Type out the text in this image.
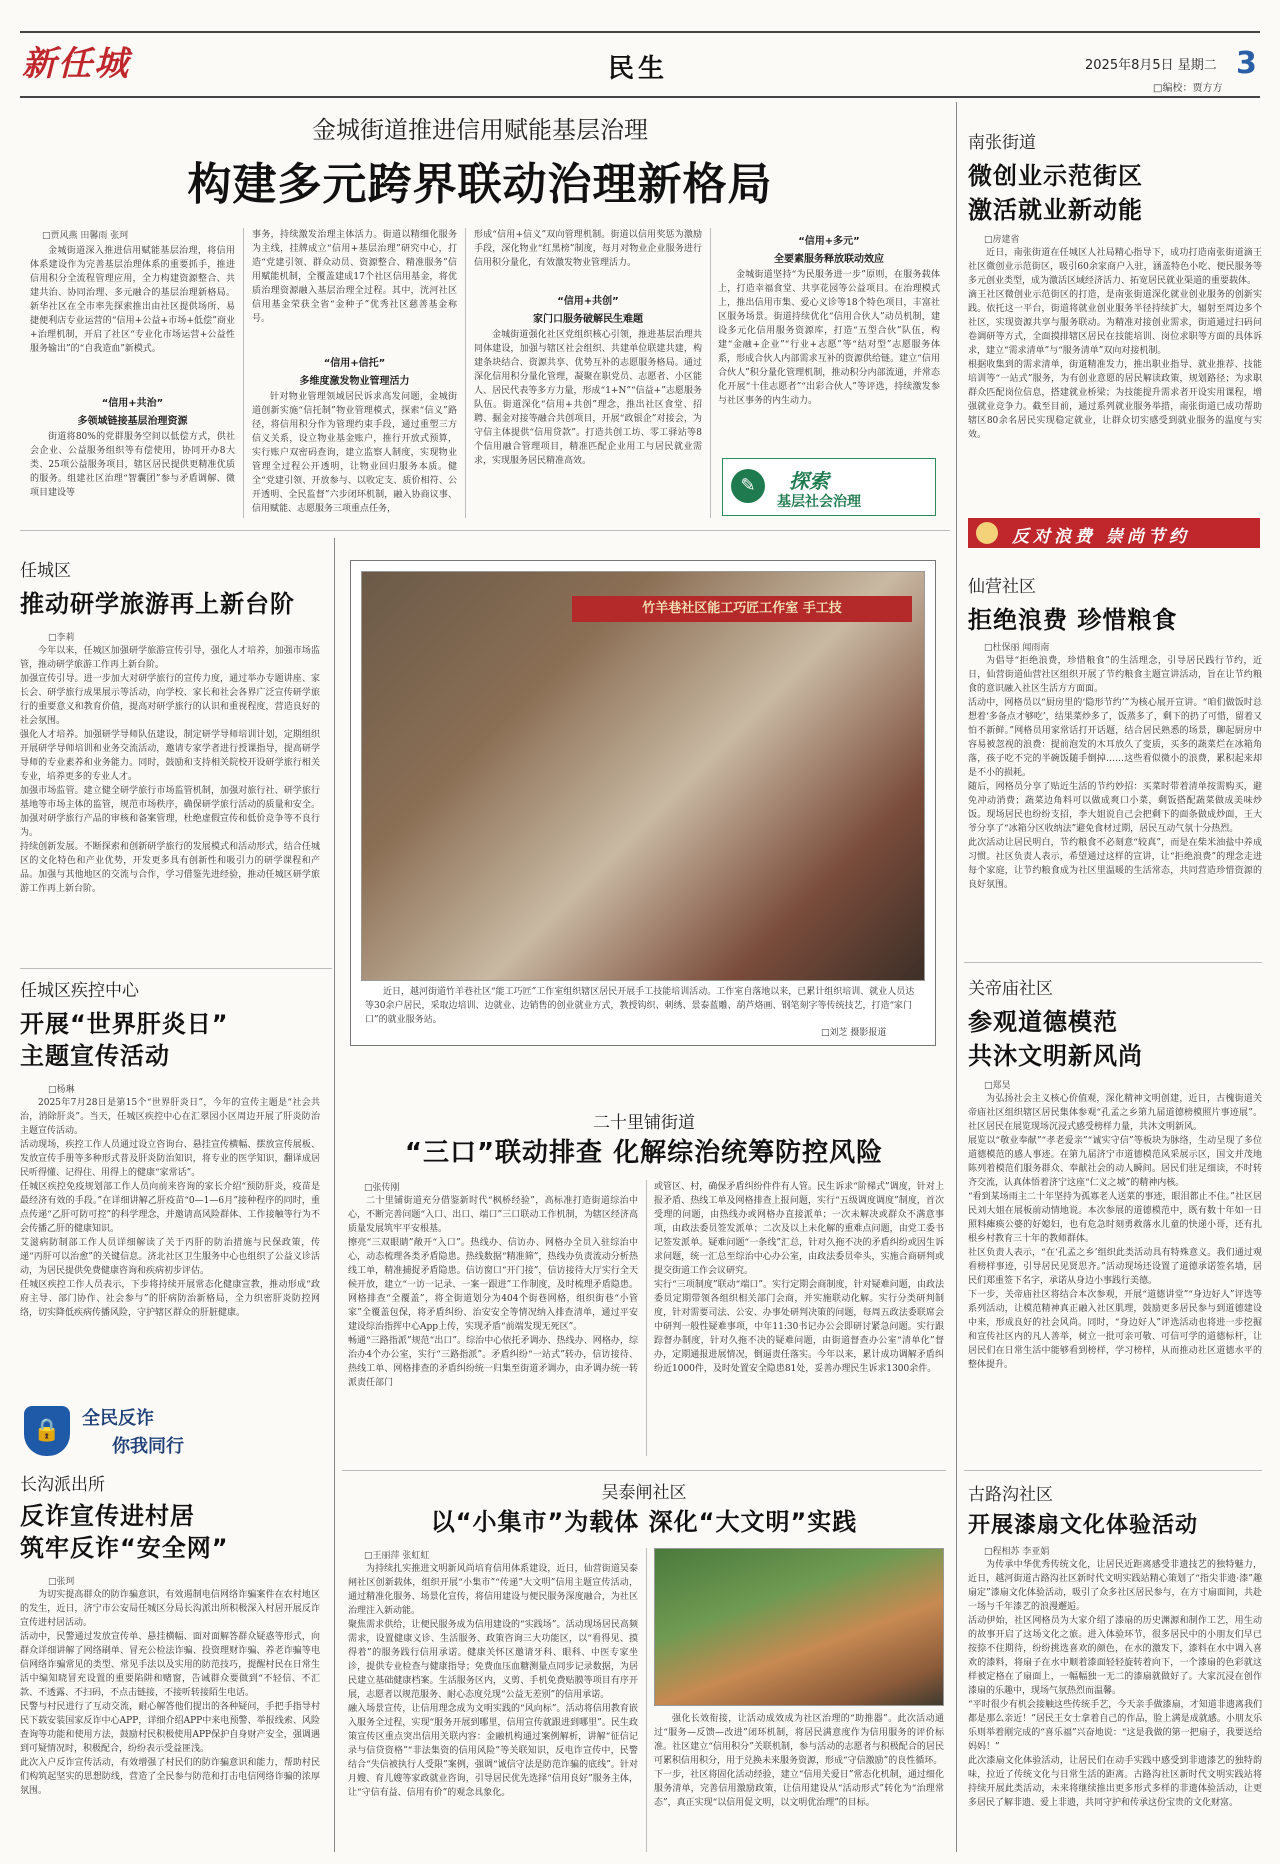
新任城	民生	2025年8月5日 星期二 3
□编校：贾方方
金城街道推进信用赋能基层治理
构建多元跨界联动治理新格局
□贾风燕 田馨雨 张珂
金城街道深入推进信用赋能基层治理，将信用体系建设作为完善基层治理体系的重要抓手，推进信用积分全流程管理应用，全力构建资源整合、共建共治、协同治理、多元融合的基层治理新格局。新华社区在全市率先探索推出由社区提供场所、易捷便利店专业运营的“信用+公益+市场+低偿”商业+治理机制，开启了社区“专业化市场运营+公益性服务输出”的“自我造血”新模式。
“信用+共治”
多领域链接基层治理资源
街道将80%的党群服务空间以低偿方式，供社会企业、公益服务组织等有偿使用，协同开办8大类、25项公益服务项目，辖区居民提供更精准优质的服务。组建社区治理“智囊团”参与矛盾调解、微项目建设等
事务，持续激发治理主体活力。街道以精细化服务为主线，挂牌成立“信用+基层治理”研究中心，打造“党建引领、群众动员、资源整合、精准服务”信用赋能机制，全覆盖建成17个社区信用基金，将优质治理资源融入基层治理全过程。其中，洸河社区信用基金荣获全省“金种子”优秀社区慈善基金称号。
“信用+信托”
多维度激发物业管理活力
针对物业管理领域居民诉求高发问题，金城街道创新实施“信托制”物业管理模式，探索“信义”路径，将信用积分作为管理约束手段，通过重塑三方信义关系，设立物业基金账户，推行开放式预算，实行账户双密码查询，建立监察人制度，实现物业管理全过程公开透明，让物业回归服务本质。健全“党建引领、开放参与、以收定支、质价相符、公开透明、全民监督”六步闭环机制，融入协商议事、信用赋能、志愿服务三项重点任务，
形成“信用+信义”双向管理机制。街道以信用奖惩为激励手段，深化物业“红黑榜”制度，每月对物业企业服务进行信用积分量化，有效激发物业管理活力。
“信用+共创”
家门口服务破解民生难题
金城街道强化社区党组织核心引领，推进基层治理共同体建设，加强与辖区社会组织、共建单位联建共建，构建条块结合、资源共享、优势互补的志愿服务格局。通过深化信用积分量化管理，凝聚在职党员、志愿者、小区能人、居民代表等多方力量，形成“1+N”“信益+”志愿服务队伍。街道深化“信用+共创”理念，推出社区食堂、招聘、掘金对接等融合共创项目，开展“政银企”对接会，为守信主体提供“信用贷款”。打造共创工坊、零工驿站等8个信用融合管理项目，精准匹配企业用工与居民就业需求，实现服务居民精准高效。
“信用+多元”
全要素服务释放联动效应
金城街道坚持“为民服务进一步”原则，在服务载体上，打造幸福食堂、共享花园等公益项目。在治理模式上，推出信用市集、爱心义诊等18个特色项目，丰富社区服务场景。街道持续优化“信用合伙人”动员机制，建设多元化信用服务资源库，打造“五型合伙”队伍，构建“金融+企业”“行业+志愿”等“结对型”志愿服务体系，形成合伙人内部需求互补的资源供给链。建立“信用合伙人”积分量化管理机制，推动积分内部流通，并常态化开展“十佳志愿者”“出彩合伙人”等评选，持续激发参与社区事务的内生动力。
✎	探索
基层社会治理
南张街道
微创业示范街区
激活就业新动能
□房建省
近日，南张街道在任城区人社局精心指导下，成功打造南张街道滴王社区微创业示范街区，吸引60余家商户入驻，涵盖特色小吃、便民服务等多元创业类型，成为激活区域经济活力、拓宽居民就业渠道的重要载体。
滴王社区微创业示范街区的打造，是南张街道深化就业创业服务的创新实践。依托这一平台，街道将就业创业服务半径持续扩大，辐射至周边多个社区，实现资源共享与服务联动。为精准对接创业需求，街道通过扫码问卷调研等方式，全面摸排辖区居民在技能培训、岗位求职等方面的具体诉求，建立“需求清单”与“服务清单”双向对接机制。
根据收集到的需求清单，街道精准发力，推出职业指导、就业推荐、技能培训等“一站式”服务，为有创业意愿的居民解读政策，规划路径；为求职群众匹配岗位信息，搭建就业桥梁；为技能提升需求者开设实用课程，增强就业竞争力。截至目前，通过系列就业服务举措，南张街道已成功帮助辖区80余名居民实现稳定就业，让群众切实感受到就业服务的温度与实效。
反对浪费 崇尚节约
仙营社区
拒绝浪费 珍惜粮食
□杜保丽 闻雨南
为倡导“拒绝浪费，珍惜粮食”的生活理念，引导居民践行节约，近日，仙营街道仙营社区组织开展了节约粮食主题宣讲活动，旨在让节约粮食的意识融入社区生活方方面面。
活动中，网格员以“厨房里的‘隐形节约’”为核心展开宣讲。“咱们做饭时总想着‘多备点才够吃’，结果菜炒多了，饭蒸多了，剩下的扔了可惜，留着又怕不新鲜。”网格员用家常话打开话题，结合居民熟悉的场景，聊起厨房中容易被忽视的浪费：提前泡发的木耳放久了变质，买多的蔬菜烂在冰箱角落，孩子吃不完的半碗饭随手倒掉……这些看似微小的浪费，累积起来却是不小的损耗。
随后，网格员分享了贴近生活的节约妙招：买菜时带着清单按需购买，避免冲动消费；蔬菜边角料可以做成爽口小菜，剩饭搭配蔬菜做成美味炒饭。现场居民也纷纷支招，李大姐说自己会把剩下的面条做成炒面，王大爷分享了“冰箱分区收纳法”避免食材过期，居民互动气氛十分热烈。
此次活动让居民明白，节约粮食不必刻意“较真”，而是在柴米油盐中养成习惯。社区负责人表示，希望通过这样的宣讲，让“拒绝浪费”的理念走进每个家庭，让节约粮食成为社区里温暖的生活常态，共同营造珍惜资源的良好氛围。
关帝庙社区
参观道德模范
共沐文明新风尚
□郑昊
为弘扬社会主义核心价值观，深化精神文明创建，近日，古槐街道关帝庙社区组织辖区居民集体参观“孔孟之乡第九届道德榜模照片事迹展”。社区居民在展览现场沉浸式感受榜样力量，共沐文明新风。
展览以“敬业奉献”“孝老爱亲”“诚实守信”等板块为脉络，生动呈现了多位道德模范的感人事迹。在第九届济宁市道德模范风采展示区，国文并茂地陈列着模范们服务群众、奉献社会的动人瞬间。居民们驻足细读，不时转齐交流，认真体悟着济宁这座“仁义之城”的精神内核。
“看到某场雨主二十年坚持为孤寡老人送菜的事迹，眼泪都止不住。”社区居民刘大姐在展板前动情地说。本次参展的道德模范中，既有数十年如一日照料瘫痪公婆的好媳妇，也有危急时刻勇救落水儿童的快递小哥，还有扎根乡村教育三十年的教师群体。
社区负责人表示，“在‘孔孟之乡’组织此类活动具有特殊意义。我们通过观看榜样事迹，引导居民见贤思齐。”活动现场还设置了道德承诺签名墙，居民们郑重签下名字，承诺从身边小事践行美德。
下一步，关帝庙社区将结合本次参观，开展“道德讲堂”“身边好人”评选等系列活动，让模范精神真正融入社区肌理，鼓励更多居民参与到道德建设中来，形成良好的社会风尚。同时，“身边好人”评选活动也将进一步挖掘和宣传社区内的凡人善举，树立一批可亲可敬、可信可学的道德标杆，让居民们在日常生活中能够看到榜样，学习榜样，从而推动社区道德水平的整体提升。
古路沟社区
开展漆扇文化体验活动
□程相苏 李亚娟
为传承中华优秀传统文化，让居民近距离感受非遗技艺的独特魅力，近日，越河街道古路沟社区新时代文明实践站精心策划了“指尖非遗·漆”趣扇定”漆扇文化体验活动，吸引了众多社区居民参与，在方寸扇面间，共赴一场与千年漆艺的浪漫邂逅。
活动伊始，社区网格员为大家介绍了漆扇的历史渊源和制作工艺，用生动的故事开启了这场文化之旅。进入体验环节，很多居民中的小朋友们早已按捺不住期待，纷纷挑选喜欢的颜色，在水的激发下，漆料在水中调入喜欢的漆料，将扇子在水中顺着漆面轻轻旋转着向下，一个漆扇的色彩就这样被定格在了扇面上，一幅幅独一无二的漆扇就做好了。大家沉浸在创作漆扇的乐趣中，现场气氛热烈而温馨。
“平时很少有机会接触这些传统手艺，今天亲手做漆扇，才知道非遗离我们都是那么亲近！”居民王女士拿着自己的作品，脸上满是成就感。小朋友乐乐则举着刚完成的“喜乐福”兴奋地说：“这是我做的第一把扇子，我要送给妈妈！”
此次漆扇文化体验活动，让居民们在动手实践中感受到非遗漆艺的独特韵味，拉近了传统文化与日常生活的距离。古路沟社区新时代文明实践站将持续开展此类活动，未来将继续推出更多形式多样的非遗体验活动，让更多居民了解非遗、爱上非遗，共同守护和传承这份宝贵的文化财富。
任城区
推动研学旅游再上新台阶
□李莉
今年以来，任城区加强研学旅游宣传引导，强化人才培养，加强市场监管，推动研学旅游工作再上新台阶。
加强宣传引导。进一步加大对研学旅行的宣传力度，通过举办专题讲座、家长会、研学旅行成果展示等活动，向学校、家长和社会各界广泛宣传研学旅行的重要意义和教育价值，提高对研学旅行的认识和重视程度，营造良好的社会氛围。
强化人才培养。加强研学导师队伍建设，制定研学导师培训计划，定期组织开展研学导师培训和业务交流活动，邀请专家学者进行授课指导，提高研学导师的专业素养和业务能力。同时，鼓励和支持相关院校开设研学旅行相关专业，培养更多的专业人才。
加强市场监管。建立健全研学旅行市场监管机制，加强对旅行社、研学旅行基地等市场主体的监管，规范市场秩序，确保研学旅行活动的质量和安全。加强对研学旅行产品的审核和备案管理，杜绝虚假宣传和低价竞争等不良行为。
持续创新发展。不断探索和创新研学旅行的发展模式和活动形式，结合任城区的文化特色和产业优势，开发更多具有创新性和吸引力的研学课程和产品。加强与其他地区的交流与合作，学习借鉴先进经验，推动任城区研学旅游工作再上新台阶。
任城区疾控中心
开展“世界肝炎日”
主题宣传活动
□杨琳
2025年7月28日是第15个“世界肝炎日”，今年的宣传主题是“社会共治，消除肝炎”。当天，任城区疾控中心在汇翠园小区周边开展了肝炎防治主题宣传活动。
活动现场，疾控工作人员通过设立咨询台、悬挂宣传横幅、摆放宣传展板、发放宣传手册等多种形式普及肝炎防治知识，将专业的医学知识，翻译成居民听得懂、记得住、用得上的健康“家常话”。
任城区疾控免疫规划部工作人员向前来咨询的家长介绍“预防肝炎，疫苗是最经济有效的手段。”在详细讲解乙肝疫苗“0—1—6月”接种程序的同时，重点传递“乙肝可防可控”的科学理念，并邀请高风险群体、工作接触等行为不会传播乙肝的健康知识。
艾滋病防制部工作人员详细解读了关于丙肝的防治措施与民保政策，传递“丙肝可以治愈”的关键信息。济北社区卫生服务中心也组织了公益义诊活动，为居民提供免费健康咨询和疾病初步评估。
任城区疾控工作人员表示，下步将持续开展常态化健康宣教，推动形成“政府主导、部门协作、社会参与”的肝病防治新格局，全力织密肝炎防控网络，切实降低疾病传播风险，守护辖区群众的肝脏健康。
🔒	全民反诈
你我同行
长沟派出所
反诈宣传进村居
筑牢反诈“安全网”
□张珂
为切实提高群众的防诈骗意识，有效遏制电信网络诈骗案件在农村地区的发生，近日，济宁市公安局任城区分局长沟派出所积极深入村居开展反诈宣传进村居活动。
活动中，民警通过发放宣传单、悬挂横幅、面对面解答群众疑惑等形式，向群众详细讲解了网络刷单、冒充公检法诈骗、投资理财诈骗、养老诈骗等电信网络诈骗常见的类型、常见手法以及实用的防范技巧，提醒村民在日常生活中编知晓冒充设置的重要陷阱和赌窗，告诫群众要做到“不轻信、不汇款、不透露、不扫码，不点击链接，不接听转接陌生电话。
民警与村民进行了互动交流，耐心解答他们提出的各种疑问，手把手指导村民下载安装国家反诈中心APP，详细介绍APP中来电预警、举报线索、风险查询等功能和使用方法，鼓励村民积极使用APP保护自身财产安全，强调遇到可疑情况时，积极配合，纷纷表示受益匪浅。
此次入户反诈宣传活动，有效增强了村民们的防诈骗意识和能力，帮助村民们构筑起坚实的思想防线，营造了全民参与防范和打击电信网络诈骗的浓厚氛围。
竹羊巷社区能工巧匠工作室 手工技
近日，越河街道竹羊巷社区“能工巧匠”工作室组织辖区居民开展手工技能培训活动。工作室自落地以来，已累计组织培训、就业人员达等30余户居民，采取边培训、边就业、边销售的创业就业方式，教授钩织、刺绣、景泰蓝雕、葫芦烙画、钢笔刻字等传统技艺，打造“家门口”的就业服务站。
□刘芝 摄影报道
二十里铺街道
“三口”联动排查 化解综治统筹防控风险
□张传刚
二十里铺街道充分借鉴新时代“枫桥经验”，高标准打造街道综治中心，不断完善问题“入口、出口、端口”三口联动工作机制，为辖区经济高质量发展筑牢平安根基。
擦亮“三双眼睛”敞开“入口”。热线办、信访办、网格办全员入驻综治中心，动态梳理各类矛盾隐患。热线数据“精准筛”，热线办负责流动分析热线工单，精准捕捉矛盾隐患。信访窗口“开门接”，信访接待大厅实行全天候开放，建立“一访一记录、一案一跟进”工作制度，及时梳理矛盾隐患。网格排查“全覆盖”，将全街道划分为404个街巷网格，组织街巷“小管家”全覆盖包保，将矛盾纠纷、治安安全等情况纳入排查清单，通过平安建设综治指挥中心App上传，实现矛盾“前端发现无死区”。
畅通“三路指派”规范“出口”。综治中心依托矛调办、热线办、网格办，综治办4个办公室，实行“三路指派”。矛盾纠纷“一站式”转办，信访接待、热线工单、网格排查的矛盾纠纷统一归集至街道矛调办，由矛调办统一转派责任部门
或管区、村，确保矛盾纠纷件件有人管。民生诉求“阶梯式”调度，针对上报矛盾、热线工单及网格排查上报问题，实行“五级调度调度”制度，首次受理的问题，由热线办或网格办直接派单；一次未解决或群众不满意事项，由政法委员签发派单；二次及以上未化解的重难点问题，由党工委书记签发派单。疑难问题“一条线”汇总，针对久拖不决的矛盾纠纷或因生诉求问题，统一汇总至综治中心办公室，由政法委员牵头，实施合商研判或提交街道工作会议研究。
实行“三项制度”联动“端口”。实行定期会商制度，针对疑难问题，由政法委员定期带领各组织相关部门会商，并实施联动化解。实行分类研判制度，针对需要司法、公安、办事处研判决策的问题，每周五政法委联席会中研判一般性疑难事项，中年11:30书记办公会即研讨紧急问题。实行跟踪督办制度，针对久拖不决的疑难问题，由街道督查办公室“清单化”督办，定期通报进展情况，倒逼责任落实。今年以来，累计成功调解矛盾纠纷近1000件，及时处置安全隐患81处，妥善办理民生诉求1300余件。
吴泰闸社区
以“小集市”为载体 深化“大文明”实践
□王丽萍 张虹虹
为持续扎实推进文明新风尚培育信用体系建设，近日，仙营街道吴泰闸社区创新载体，组织开展“小集市”“传递”大文明”信用主题宣传活动，通过精准化服务、场景化宣传，将信用建设与便民服务深度融合，为社区治理注入新动能。
聚焦需求供给，让便民服务成为信用建设的“实践场”。活动现场居民高频需求，设置健康义诊、生活服务、政策咨询三大功能区，以“看得见、摸得着”的服务践行信用承诺。健康关怀区邀请牙科、眼科、中医专家坐诊，提供专业检查与健康指导；免费血压血糖测量点同步记录数据，为居民建立基础健康档案。生活服务区内，义剪、手机免费贴膜等项目有序开展，志愿者以规范服务、耐心态度兑现“公益无差别”的信用承诺。
融入场景宣传，让信用理念成为文明实践的“风向标”。活动将信用教育嵌入服务全过程，实现“服务开展到哪里，信用宣传就跟进到哪里”。民生政策宣传区重点突出信用关联内容：金融机构通过案例解析，讲解“征信记录与信贷资格”“非法集资的信用风险”等关联知识，反电诈宣传中，民警结合“失信被执行人受限”案例，强调“诚信守法是防范诈骗的底线”。针对月嫂、育儿嫂等家政就业咨询，引导居民优先选择“信用良好”服务主体，让“守信有益、信用有价”的观念具象化。
强化长效衔接，让活动成效成为社区治理的“助推器”。此次活动通过“服务—反馈—改进”闭环机制，将居民满意度作为信用服务的评价标准。社区建立“信用积分”关联机制，参与活动的志愿者与积极配合的居民可累积信用积分，用于兑换未来服务资源，形成“守信激励”的良性循环。
下一步，社区将固化活动经验，建立“信用关爱日”常态化机制，通过细化服务清单，完善信用激励政策，让信用建设从“活动形式”转化为“治理常态”，真正实现“以信用促文明，以文明优治理”的目标。
